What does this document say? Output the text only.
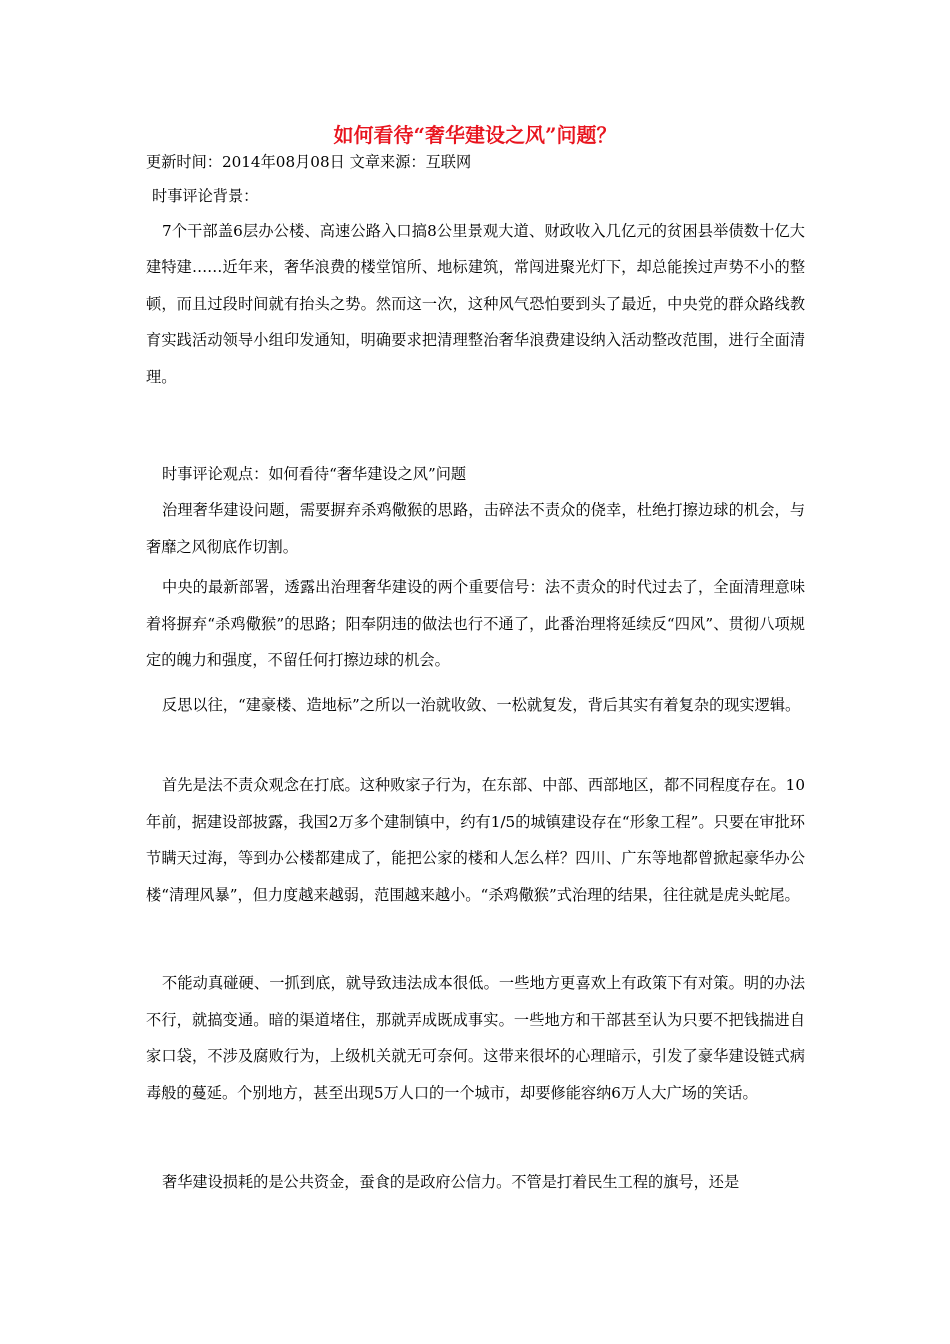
如何看待“奢华建设之风”问题？
更新时间：2014年08月08日 文章来源：互联网
时事评论背景：

7个干部盖6层办公楼、高速公路入口搞8公里景观大道、财政收入几亿元的贫困县举债数十亿大建特建……近年来，奢华浪费的楼堂馆所、地标建筑，常闯进聚光灯下，却总能挨过声势不小的整顿，而且过段时间就有抬头之势。然而这一次，这种风气恐怕要到头了最近，中央党的群众路线教育实践活动领导小组印发通知，明确要求把清理整治奢华浪费建设纳入活动整改范围，进行全面清理。

时事评论观点：如何看待“奢华建设之风”问题

治理奢华建设问题，需要摒弃杀鸡儆猴的思路，击碎法不责众的侥幸，杜绝打擦边球的机会，与奢靡之风彻底作切割。

中央的最新部署，透露出治理奢华建设的两个重要信号：法不责众的时代过去了，全面清理意味着将摒弃“杀鸡儆猴”的思路；阳奉阴违的做法也行不通了，此番治理将延续反“四风”、贯彻八项规定的魄力和强度，不留任何打擦边球的机会。

反思以往，“建豪楼、造地标”之所以一治就收敛、一松就复发，背后其实有着复杂的现实逻辑。

首先是法不责众观念在打底。这种败家子行为，在东部、中部、西部地区，都不同程度存在。10年前，据建设部披露，我国2万多个建制镇中，约有1/5的城镇建设存在“形象工程”。只要在审批环节瞒天过海，等到办公楼都建成了，能把公家的楼和人怎么样？四川、广东等地都曾掀起豪华办公楼“清理风暴”，但力度越来越弱，范围越来越小。“杀鸡儆猴”式治理的结果，往往就是虎头蛇尾。

不能动真碰硬、一抓到底，就导致违法成本很低。一些地方更喜欢上有政策下有对策。明的办法不行，就搞变通。暗的渠道堵住，那就弄成既成事实。一些地方和干部甚至认为只要不把钱揣进自家口袋，不涉及腐败行为，上级机关就无可奈何。这带来很坏的心理暗示，引发了豪华建设链式病毒般的蔓延。个别地方，甚至出现5万人口的一个城市，却要修能容纳6万人大广场的笑话。

奢华建设损耗的是公共资金，蚕食的是政府公信力。不管是打着民生工程的旗号，还是
